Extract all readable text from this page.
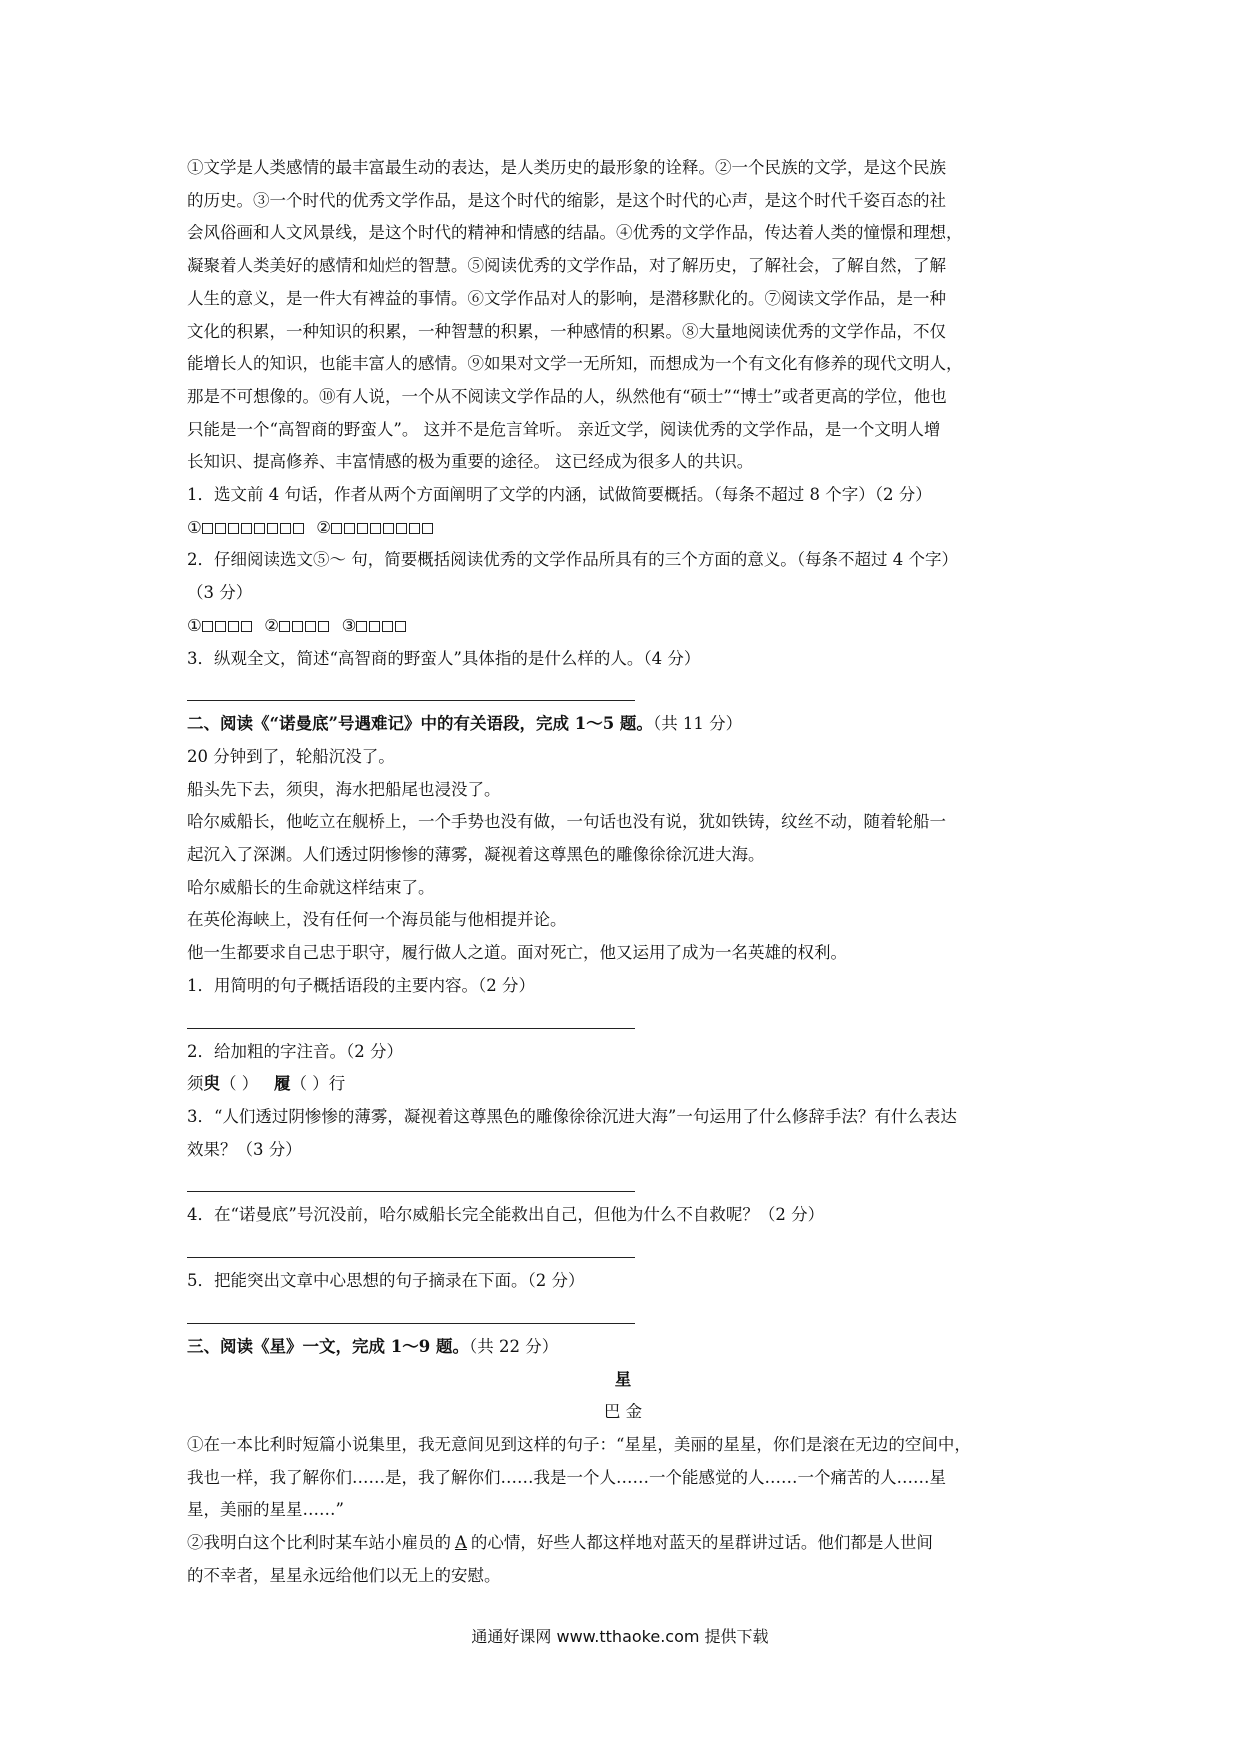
①文学是人类感情的最丰富最生动的表达，是人类历史的最形象的诠释。②一个民族的文学，是这个民族

的历史。③一个时代的优秀文学作品，是这个时代的缩影，是这个时代的心声，是这个时代千姿百态的社

会风俗画和人文风景线，是这个时代的精神和情感的结晶。④优秀的文学作品，传达着人类的憧憬和理想，

凝聚着人类美好的感情和灿烂的智慧。⑤阅读优秀的文学作品，对了解历史，了解社会，了解自然，了解

人生的意义，是一件大有裨益的事情。⑥文学作品对人的影响，是潜移默化的。⑦阅读文学作品，是一种

文化的积累，一种知识的积累，一种智慧的积累，一种感情的积累。⑧大量地阅读优秀的文学作品，不仅

能增长人的知识，也能丰富人的感情。⑨如果对文学一无所知，而想成为一个有文化有修养的现代文明人，

那是不可想像的。⑩有人说，一个从不阅读文学作品的人，纵然他有“硕士”“博士”或者更高的学位，他也

只能是一个“高智商的野蛮人”。 这并不是危言耸听。 亲近文学，阅读优秀的文学作品，是一个文明人增

长知识、提高修养、丰富情感的极为重要的途径。 这已经成为很多人的共识。

1．选文前 4 句话，作者从两个方面阐明了文学的内涵，试做简要概括。（每条不超过 8 个字）（2 分）

①	②

2．仔细阅读选文⑤～ 句，简要概括阅读优秀的文学作品所具有的三个方面的意义。（每条不超过 4 个字）

（3 分）

①	②	③

3．纵观全文，简述“高智商的野蛮人”具体指的是什么样的人。（4 分）

二、阅读《“诺曼底”号遇难记》中的有关语段，完成 1～5 题。（共 11 分）

20 分钟到了，轮船沉没了。

船头先下去，须臾，海水把船尾也浸没了。

哈尔威船长，他屹立在舰桥上，一个手势也没有做，一句话也没有说，犹如铁铸，纹丝不动，随着轮船一

起沉入了深渊。人们透过阴惨惨的薄雾，凝视着这尊黑色的雕像徐徐沉进大海。

哈尔威船长的生命就这样结束了。

在英伦海峡上，没有任何一个海员能与他相提并论。

他一生都要求自己忠于职守，履行做人之道。面对死亡，他又运用了成为一名英雄的权利。

1．用简明的句子概括语段的主要内容。（2 分）

2．给加粗的字注音。（2 分）

须臾（ ） 履（ ）行

3．“人们透过阴惨惨的薄雾，凝视着这尊黑色的雕像徐徐沉进大海”一句运用了什么修辞手法？有什么表达

效果？（3 分）

4．在“诺曼底”号沉没前，哈尔威船长完全能救出自己，但他为什么不自救呢？（2 分）

5．把能突出文章中心思想的句子摘录在下面。（2 分）

三、阅读《星》一文，完成 1～9 题。（共 22 分）

星

巴 金

①在一本比利时短篇小说集里，我无意间见到这样的句子：“星星，美丽的星星，你们是滚在无边的空间中，

我也一样，我了解你们……是，我了解你们……我是一个人……一个能感觉的人……一个痛苦的人……星

星，美丽的星星……”

②我明白这个比利时某车站小雇员的 A 的心情，好些人都这样地对蓝天的星群讲过话。他们都是人世间

的不幸者，星星永远给他们以无上的安慰。

通通好课网 www.tthaoke.com 提供下载
